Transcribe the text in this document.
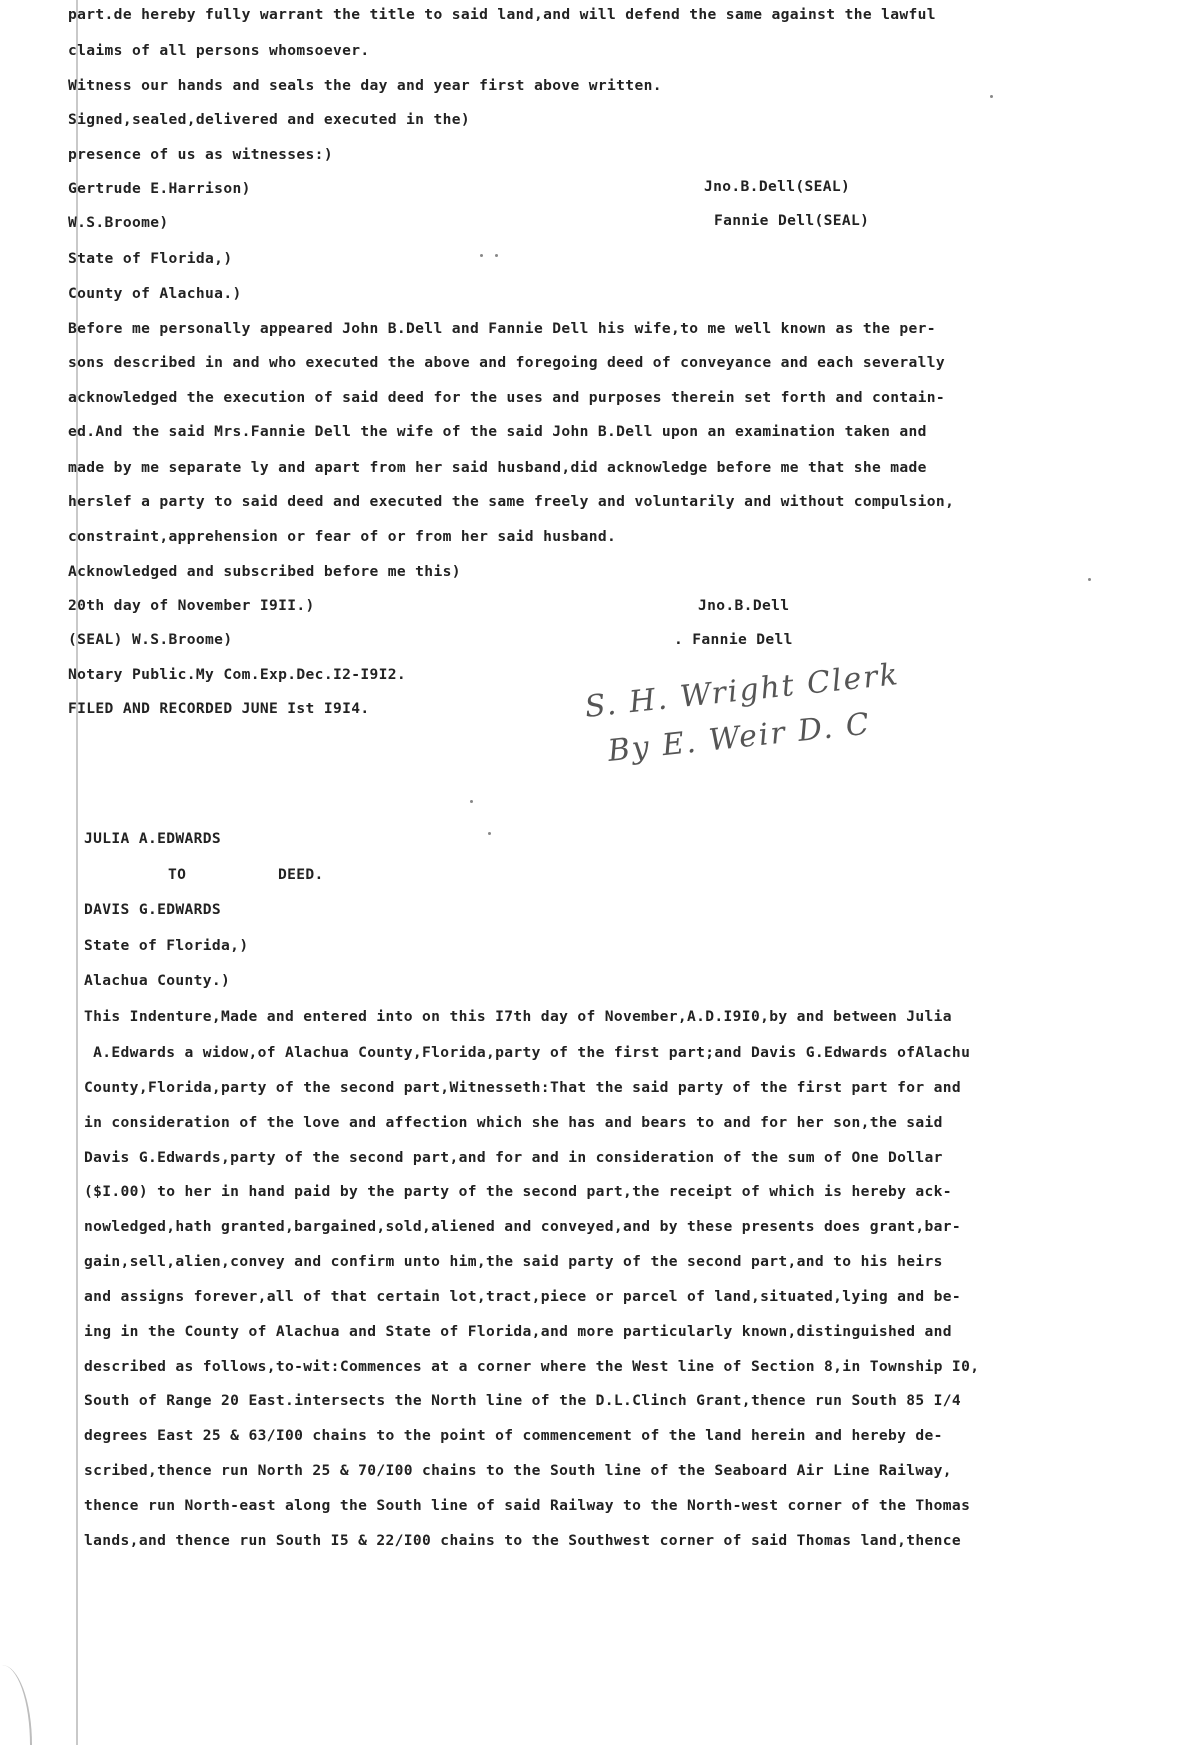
part.de hereby fully warrant the title to said land,and will defend the same against the lawful
claims of all persons whomsoever.
Witness our hands and seals the day and year first above written.
Signed,sealed,delivered and executed in the)
presence of us as witnesses:)
Gertrude E.Harrison)	Jno.B.Dell(SEAL)
W.S.Broome)	Fannie Dell(SEAL)
State of Florida,)
County of Alachua.)
Before me personally appeared John B.Dell and Fannie Dell his wife,to me well known as the per-
sons described in and who executed the above and foregoing deed of conveyance and each severally
acknowledged the execution of said deed for the uses and purposes therein set forth and contain-
ed.And the said Mrs.Fannie Dell the wife of the said John B.Dell upon an examination taken and
made by me separate ly and apart from her said husband,did acknowledge before me that she made
herslef a party to said deed and executed the same freely and voluntarily and without compulsion,
constraint,apprehension or fear of or from her said husband.
Acknowledged and subscribed before me this)
20th day of November I9II.)	Jno.B.Dell
(SEAL) W.S.Broome)	. Fannie Dell
Notary Public.My Com.Exp.Dec.I2-I9I2.
FILED AND RECORDED JUNE Ist I9I4.	S. H. Wright Clerk
By E. Weir D. C
JULIA A.EDWARDS
TO	DEED.
DAVIS G.EDWARDS
State of Florida,)
Alachua County.)
This Indenture,Made and entered into on this I7th day of November,A.D.I9I0,by and between Julia
A.Edwards a widow,of Alachua County,Florida,party of the first part;and Davis G.Edwards ofAlachu
County,Florida,party of the second part,Witnesseth:That the said party of the first part for and
in consideration of the love and affection which she has and bears to and for her son,the said
Davis G.Edwards,party of the second part,and for and in consideration of the sum of One Dollar
($I.00) to her in hand paid by the party of the second part,the receipt of which is hereby ack-
nowledged,hath granted,bargained,sold,aliened and conveyed,and by these presents does grant,bar-
gain,sell,alien,convey and confirm unto him,the said party of the second part,and to his heirs
and assigns forever,all of that certain lot,tract,piece or parcel of land,situated,lying and be-
ing in the County of Alachua and State of Florida,and more particularly known,distinguished and
described as follows,to-wit:Commences at a corner where the West line of Section 8,in Township I0,
South of Range 20 East.intersects the North line of the D.L.Clinch Grant,thence run South 85 I/4
degrees East 25 & 63/I00 chains to the point of commencement of the land herein and hereby de-
scribed,thence run North 25 & 70/I00 chains to the South line of the Seaboard Air Line Railway,
thence run North-east along the South line of said Railway to the North-west corner of the Thomas
lands,and thence run South I5 & 22/I00 chains to the Southwest corner of said Thomas land,thence
